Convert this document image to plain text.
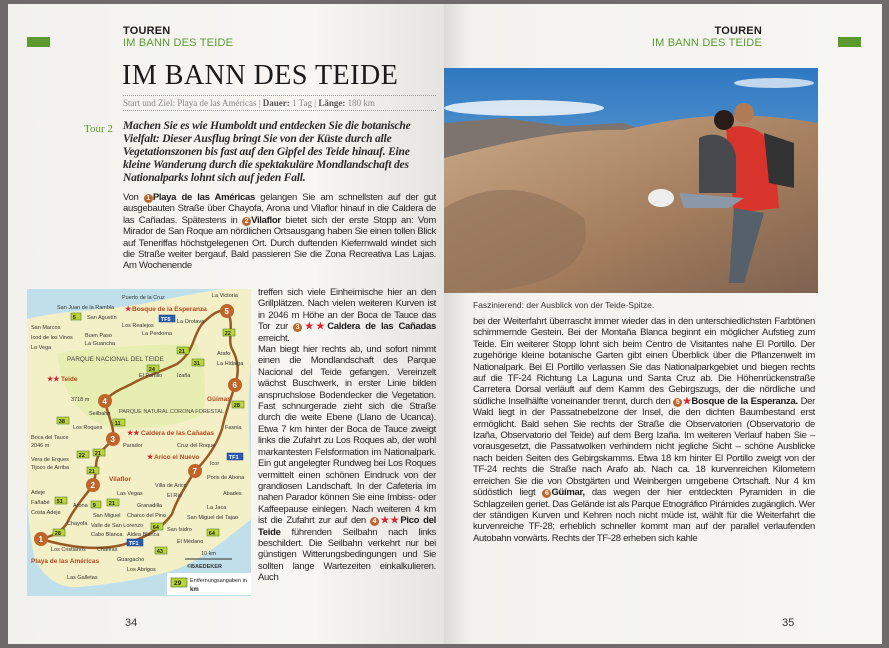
TOUREN
IM BANN DES TEIDE
IM BANN DES TEIDE
Start und Ziel: Playa de las Américas | Dauer: 1 Tag | Länge: 180 km
Tour 2 Machen Sie es wie Humboldt und entdecken Sie die botanische Vielfalt: Dieser Ausflug bringt Sie von der Küste durch alle Vegetationszonen bis fast auf den Gipfel des Teide hinauf. Eine kleine Wanderung durch die spektakuläre Mondlandschaft des Nationalparks lohnt sich auf jeden Fall.
Von 1 Playa de las Américas gelangen Sie am schnellsten auf der gut ausgebauten Straße über Chayofa, Arona und Vilaflor hinauf in die Caldera de las Cañadas. Spätestens in 2 Vilaflor bietet sich der erste Stopp an: Vom Mirador de San Roque am nördlichen Ortsausgang haben Sie einen tollen Blick auf Teneriffas höchstgelegenen Ort. Durch duftenden Kiefernwald windet sich die Straße weiter bergauf. Bald passieren Sie die Zona Recreativa Las Lajas. Am Wochenende
treffen sich viele Einheimische hier an den Grillplätzen. Nach vielen weiteren Kurven ist in 2046 m Höhe an der Boca de Tauce das Tor zur 3 ★★Caldera de las Cañadas erreicht.
Man biegt hier rechts ab, und sofort nimmt einen die Mondlandschaft des Parque Nacional del Teide gefangen. Vereinzelt wächst Buschwerk, in erster Linie bilden anspruchslose Bodendecker die Vegetation. Fast schnurgerade zieht sich die Straße durch die weite Ebene (Llano de Ucanca). Etwa 7 km hinter der Boca de Tauce zweigt links die Zufahrt zu Los Roques ab, der wohl markantesten Felsformation im Nationalpark. Ein gut angelegter Rundweg bei Los Roques vermittelt einen schönen Eindruck von der grandiosen Landschaft. In der Cafeteria im nahen Parador können Sie eine Imbiss- oder Kaffeepause einlegen. Nach weiteren 4 km ist die Zufahrt zur auf den 4 ★★Pico del Teide führenden Seilbahn nach links beschildert. Die Seilbahn verkehrt nur bei günstigen Witterungsbedingungen und Sie sollten lange Wartezeiten einkalkulieren. Auch
1
2
3
4
5
6
7
Puerto de la Cruz	La Victoria
San Juan de la Rambla
San Agustín
La Orotava
San Marcos
Icod de los Vinos Buen Paso
La Guancha
Los Realejos
La Perdoma
La Vega
El Portillo	Izaña
Arafo
La Hidalga
Seilbahn
3718 m
Los Roques
Parador
Boca del Tauce
2046 m
Vera de Erques
Tijoco de Arriba
Fañabé
Adeje
Costa Adeje
Arona
Chayofa Valle de San Lorenzo
Cabo Blanca Aldea Blanca
San Miguel Charco del Pino
Granadilla
Las Vegas	El Río
Villa de Arico
Cruz del Roque
Icor
Fasnia
Poris de Abona
Abades
La Jaca
San Miguel del Tajao
San Isidro
El Médano
Los Cristianos Chafiras
Guargacho
Los Abrigos
Las Galletas
PARQUE NACIONAL DEL TEIDE
PARQUE NATURAL CORONA FORESTAL
Playa de las Américas
Vilaflor
★★ Caldera de las Cañadas
★★ Teide
★ Bosque de la Esperanza
Güímar
★ Arico el Nuevo
5	TF5
21
24
22
31
28
11
21
38
22
21
21
51
9
28
64
64
43
TF1
TF1
10 km
©BAEDEKER
29 Entfernungsangaben in
km
34
TOUREN
IM BANN DES TEIDE
Faszinierend: der Ausblick von der Teide-Spitze.
bei der Weiterfahrt überrascht immer wieder das in den unterschiedlichsten Farbtönen schimmernde Gestein. Bei der Montaña Blanca beginnt ein möglicher Aufstieg zum Teide. Ein weiterer Stopp lohnt sich beim Centro de Visitantes nahe El Portillo. Der zugehörige kleine botanische Garten gibt einen Überblick über die Pflanzenwelt im Nationalpark. Bei El Portillo verlassen Sie das Nationalparkgebiet und biegen rechts auf die TF-24 Richtung La Laguna und Santa Cruz ab. Die Höhenrückenstraße Carretera Dorsal verläuft auf dem Kamm des Gebirgszugs, der die nördliche und südliche Inselhälfte voneinander trennt, durch den 5 ★Bosque de la Esperanza. Der Wald liegt in der Passatnebelzone der Insel, die den dichten Baumbestand erst ermöglicht. Bald sehen Sie rechts der Straße die Observatorien (Observatorio de Izaña, Observatorio del Teide) auf dem Berg Izaña. Im weiteren Verlauf haben Sie – vorausgesetzt, die Passatwolken verhindern nicht jegliche Sicht – schöne Ausblicke nach beiden Seiten des Gebirgskamms. Etwa 18 km hinter El Portillo zweigt von der TF-24 rechts die Straße nach Arafo ab. Nach ca. 18 kurvenreichen Kilometern erreichen Sie die von Obstgärten und Weinbergen umgebene Ortschaft. Nur 4 km südöstlich liegt 6 Güímar, das wegen der hier entdeckten Pyramiden in die Schlagzeilen geriet. Das Gelände ist als Parque Etnográfico Pirámides zugänglich. Wer der ständigen Kurven und Kehren noch nicht müde ist, wählt für die Weiterfahrt die kurvenreiche TF-28; erheblich schneller kommt man auf der parallel verlaufenden Autobahn vorwärts. Rechts der TF-28 erheben sich kahle
35
